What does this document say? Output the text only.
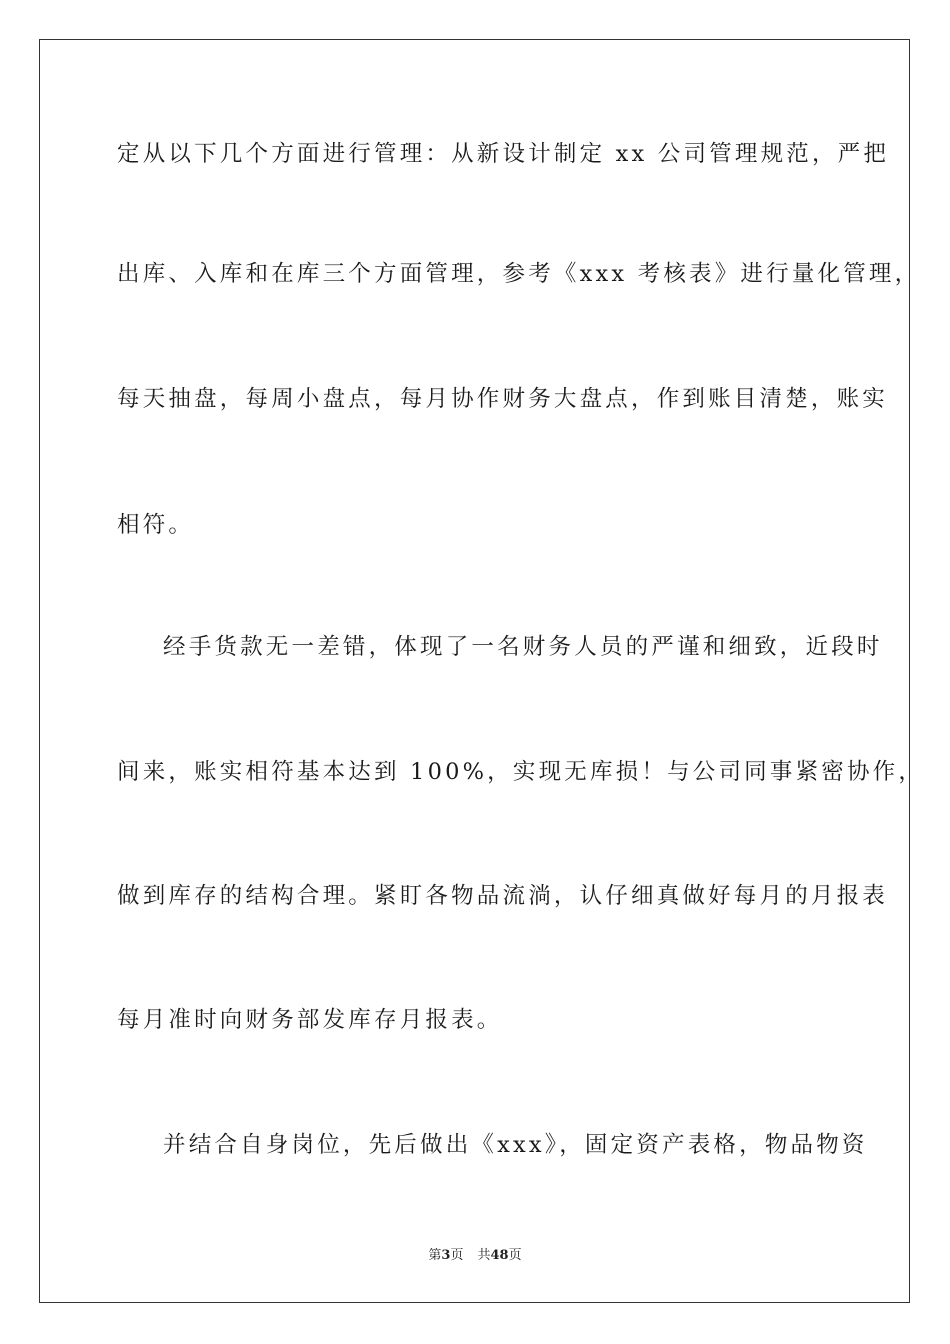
定从以下几个方面进行管理：从新设计制定 xx 公司管理规范，严把
出库、入库和在库三个方面管理，参考《xxx 考核表》进行量化管理，
每天抽盘，每周小盘点，每月协作财务大盘点，作到账目清楚，账实
相符。
经手货款无一差错，体现了一名财务人员的严谨和细致，近段时
间来，账实相符基本达到 100%，实现无库损！与公司同事紧密协作，
做到库存的结构合理。紧盯各物品流淌，认仔细真做好每月的月报表
每月准时向财务部发库存月报表。
并结合自身岗位，先后做出《xxx》，固定资产表格，物品物资
第3页 共48页
